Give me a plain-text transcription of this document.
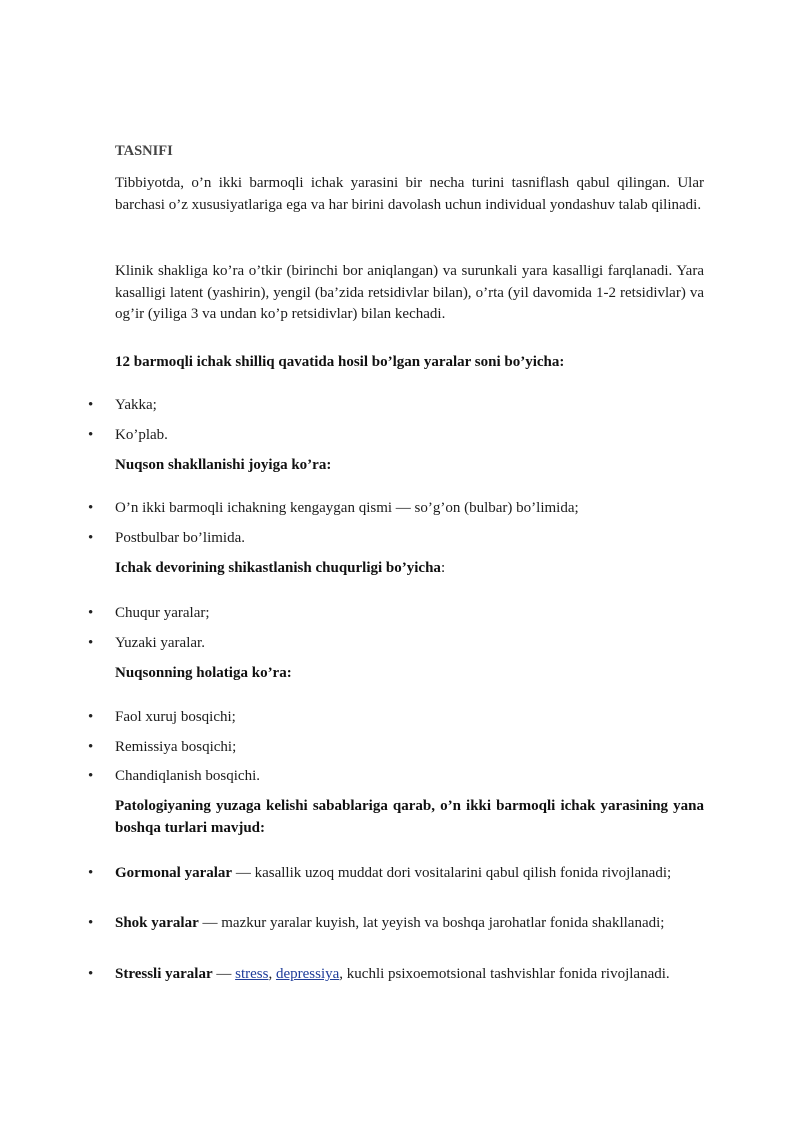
TASNIFI
Tibbiyotda, o’n ikki barmoqli ichak yarasini bir necha turini tasniflash qabul qilingan. Ular barchasi o’z xususiyatlariga ega va har birini davolash uchun individual yondashuv talab qilinadi.
Klinik shakliga ko’ra o’tkir (birinchi bor aniqlangan) va surunkali yara kasalligi farqlanadi. Yara kasalligi latent (yashirin), yengil (ba’zida retsidivlar bilan), o’rta (yil davomida 1-2 retsidivlar) va og’ir (yiliga 3 va undan ko’p retsidivlar) bilan kechadi.
12 barmoqli ichak shilliq qavatida hosil bo’lgan yaralar soni bo’yicha:
• Yakka;
• Ko’plab.
Nuqson shakllanishi joyiga ko’ra:
• O’n ikki barmoqli ichakning kengaygan qismi — so’g’on (bulbar) bo’limida;
• Postbulbar bo’limida.
Ichak devorining shikastlanish chuqurligi bo’yicha:
• Chuqur yaralar;
• Yuzaki yaralar.
Nuqsonning holatiga ko’ra:
• Faol xuruj bosqichi;
• Remissiya bosqichi;
• Chandiqlanish bosqichi.
Patologiyaning yuzaga kelishi sabablariga qarab, o’n ikki barmoqli ichak yarasining yana boshqa turlari mavjud:
• Gormonal yaralar — kasallik uzoq muddat dori vositalarini qabul qilish fonida rivojlanadi;
• Shok yaralar — mazkur yaralar kuyish, lat yeyish va boshqa jarohatlar fonida shakllanadi;
• Stressli yaralar — stress, depressiya, kuchli psixoemotsional tashvishlar fonida rivojlanadi.
